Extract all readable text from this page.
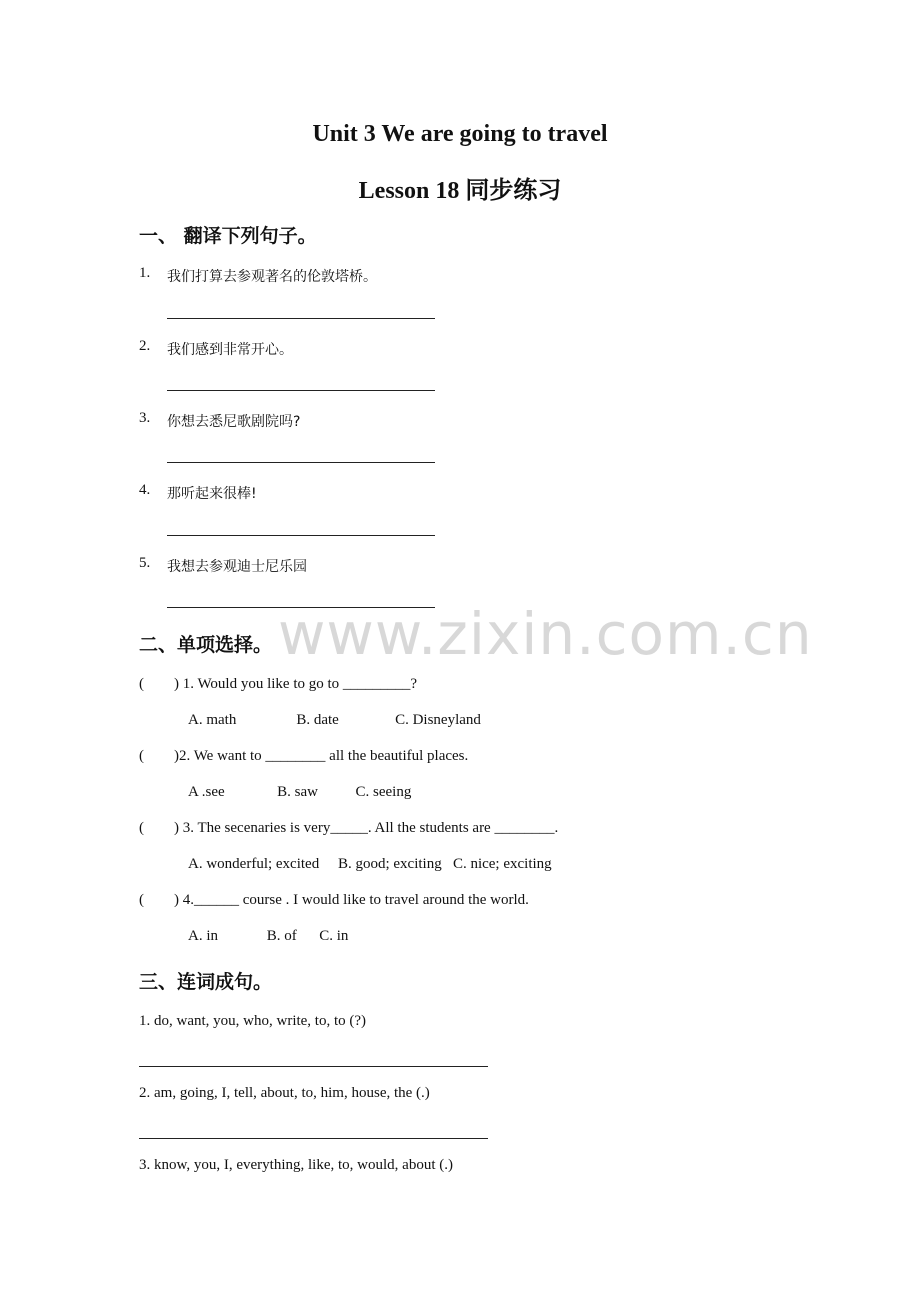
Unit 3 We are going to travel
Lesson 18 同步练习
一、 翻译下列句子。
1. 我们打算去参观著名的伦敦塔桥。
2. 我们感到非常开心。
3. 你想去悉尼歌剧院吗?
4. 那听起来很棒!
5. 我想去参观迪士尼乐园
www.zixin.com.cn
二、单项选择。
(        ) 1. Would you like to go to _________?
A. math                B. date               C. Disneyland
(        )2. We want to ________ all the beautiful places.
A .see              B. saw          C. seeing
(        ) 3. The secenaries is very_____. All the students are ________.
A. wonderful; excited     B. good; exciting   C. nice; exciting
(        ) 4.______ course . I would like to travel around the world.
A. in             B. of      C. in
三、连词成句。
1. do, want, you, who, write, to, to (?)
2. am, going, I, tell, about, to, him, house, the (.)
3. know, you, I, everything, like, to, would, about (.)
